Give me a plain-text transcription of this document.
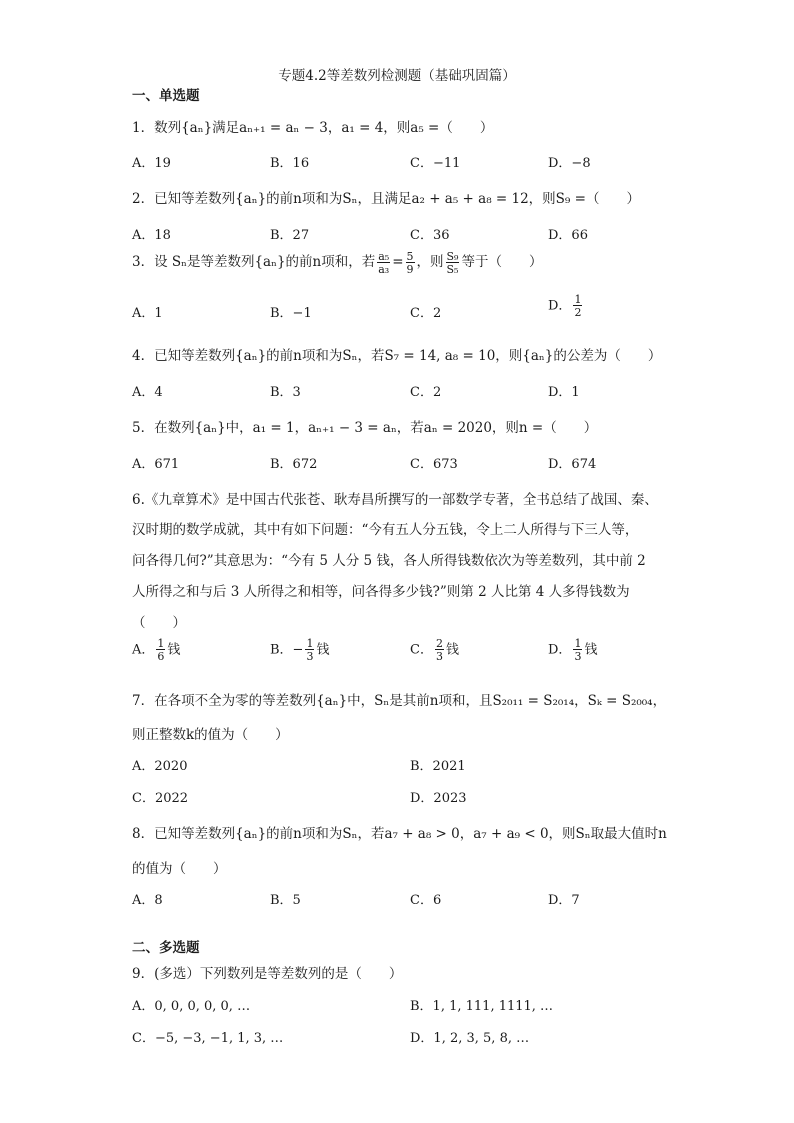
专题4.2等差数列检测题（基础巩固篇）
一、单选题
1．数列{aₙ}满足aₙ₊₁ = aₙ − 3，a₁ = 4，则a₅ =（　　）
A．19	B．16	C．−11	D．−8
2．已知等差数列{aₙ}的前n项和为Sₙ，且满足a₂ + a₅ + a₈ = 12，则S₉ =（　　）
A．18	B．27	C．36	D．66
3．设 Sₙ是等差数列{aₙ}的前n项和，若 $\frac{\text{a₅}}{\text{a₃}} = \frac{5}{9}$ ，则 $\frac{\text{S₉}}{\text{S₅}}$ 等于（　　）
A．1	B．−1	C．2	D． $\frac{1}{2}$
4．已知等差数列{aₙ}的前n项和为Sₙ，若S₇ = 14, a₈ = 10，则{aₙ}的公差为（　　）
A．4	B．3	C．2	D．1
5．在数列{aₙ}中，a₁ = 1，aₙ₊₁ − 3 = aₙ，若aₙ = 2020，则n =（　　）
A．671	B．672	C．673	D．674
6.《九章算术》是中国古代张苍、耿寿昌所撰写的一部数学专著，全书总结了战国、秦、
汉时期的数学成就，其中有如下问题：“今有五人分五钱，令上二人所得与下三人等，
问各得几何?”其意思为：“今有 5 人分 5 钱，各人所得钱数依次为等差数列，其中前 2
人所得之和与后 3 人所得之和相等，问各得多少钱?”则第 2 人比第 4 人多得钱数为
（　　）
A． $\frac{1}{6}$ 钱	B．− $\frac{1}{3}$ 钱	C． $\frac{2}{3}$ 钱	D． $\frac{1}{3}$ 钱
7．在各项不全为零的等差数列{aₙ}中，Sₙ是其前n项和，且S₂₀₁₁ = S₂₀₁₄，Sₖ = S₂₀₀₄，
则正整数k的值为（　　）
A．2020	B．2021
C．2022	D．2023
8．已知等差数列{aₙ}的前n项和为Sₙ，若a₇ + a₈ > 0，a₇ + a₉ < 0，则Sₙ取最大值时n
的值为（　　）
A．8	B．5	C．6	D．7
二、多选题
9．(多选）下列数列是等差数列的是（　　）
A．0, 0, 0, 0, 0, …	B．1, 1, 111, 1111, …
C．−5, −3, −1, 1, 3, …	D．1, 2, 3, 5, 8, …
